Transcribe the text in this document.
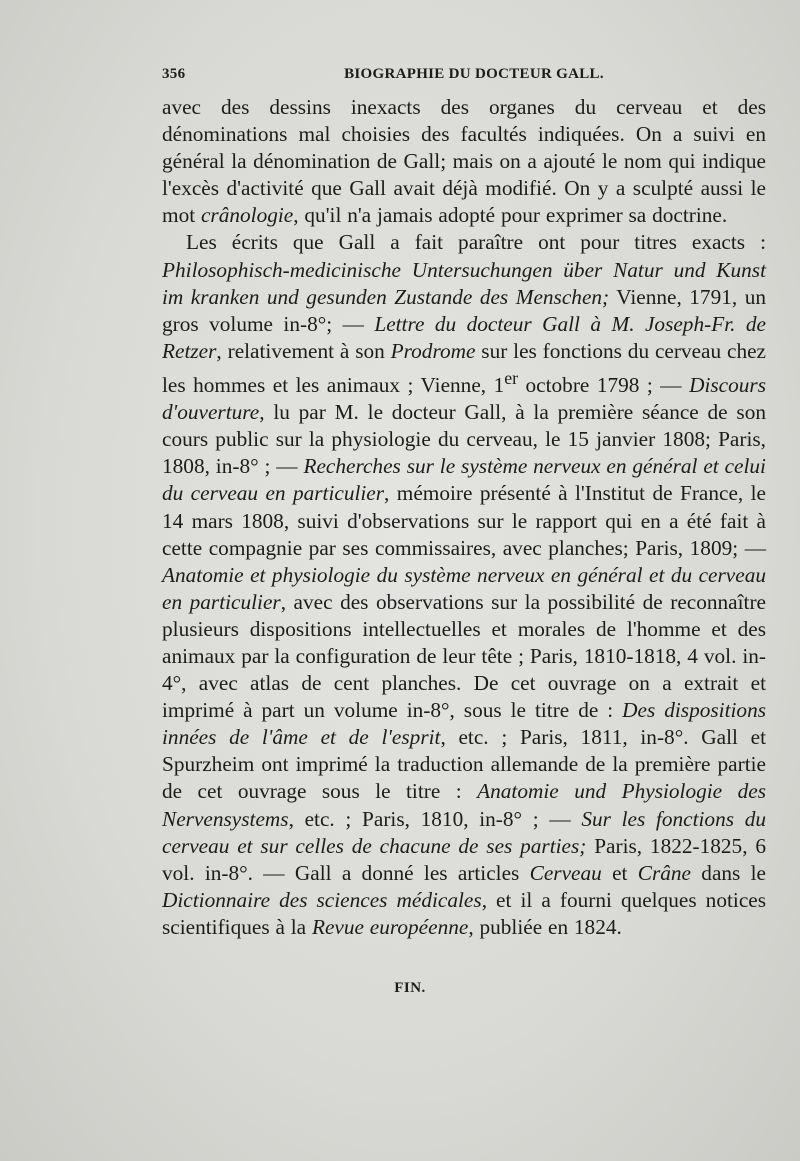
356	BIOGRAPHIE DU DOCTEUR GALL.

avec des dessins inexacts des organes du cerveau et des dénominations mal choisies des facultés indiquées. On a suivi en général la dénomination de Gall; mais on a ajouté le nom qui indique l'excès d'activité que Gall avait déjà modifié. On y a sculpté aussi le mot crânologie, qu'il n'a jamais adopté pour exprimer sa doctrine.

Les écrits que Gall a fait paraître ont pour titres exacts : Philosophisch-medicinische Untersuchungen über Natur und Kunst im kranken und gesunden Zustande des Menschen; Vienne, 1791, un gros volume in-8°; — Lettre du docteur Gall à M. Joseph-Fr. de Retzer, relativement à son Prodrome sur les fonctions du cerveau chez les hommes et les animaux ; Vienne, 1er octobre 1798 ; — Discours d'ouverture, lu par M. le docteur Gall, à la première séance de son cours public sur la physiologie du cerveau, le 15 janvier 1808; Paris, 1808, in-8° ; — Recherches sur le système nerveux en général et celui du cerveau en particulier, mémoire présenté à l'Institut de France, le 14 mars 1808, suivi d'observations sur le rapport qui en a été fait à cette compagnie par ses commissaires, avec planches; Paris, 1809; — Anatomie et physiologie du système nerveux en général et du cerveau en particulier, avec des observations sur la possibilité de reconnaître plusieurs dispositions intellectuelles et morales de l'homme et des animaux par la configuration de leur tête ; Paris, 1810-1818, 4 vol. in-4°, avec atlas de cent planches. De cet ouvrage on a extrait et imprimé à part un volume in-8°, sous le titre de : Des dispositions innées de l'âme et de l'esprit, etc. ; Paris, 1811, in-8°. Gall et Spurzheim ont imprimé la traduction allemande de la première partie de cet ouvrage sous le titre : Anatomie und Physiologie des Nervensystems, etc. ; Paris, 1810, in-8° ; — Sur les fonctions du cerveau et sur celles de chacune de ses parties; Paris, 1822-1825, 6 vol. in-8°. — Gall a donné les articles Cerveau et Crâne dans le Dictionnaire des sciences médicales, et il a fourni quelques notices scientifiques à la Revue européenne, publiée en 1824.

FIN.
